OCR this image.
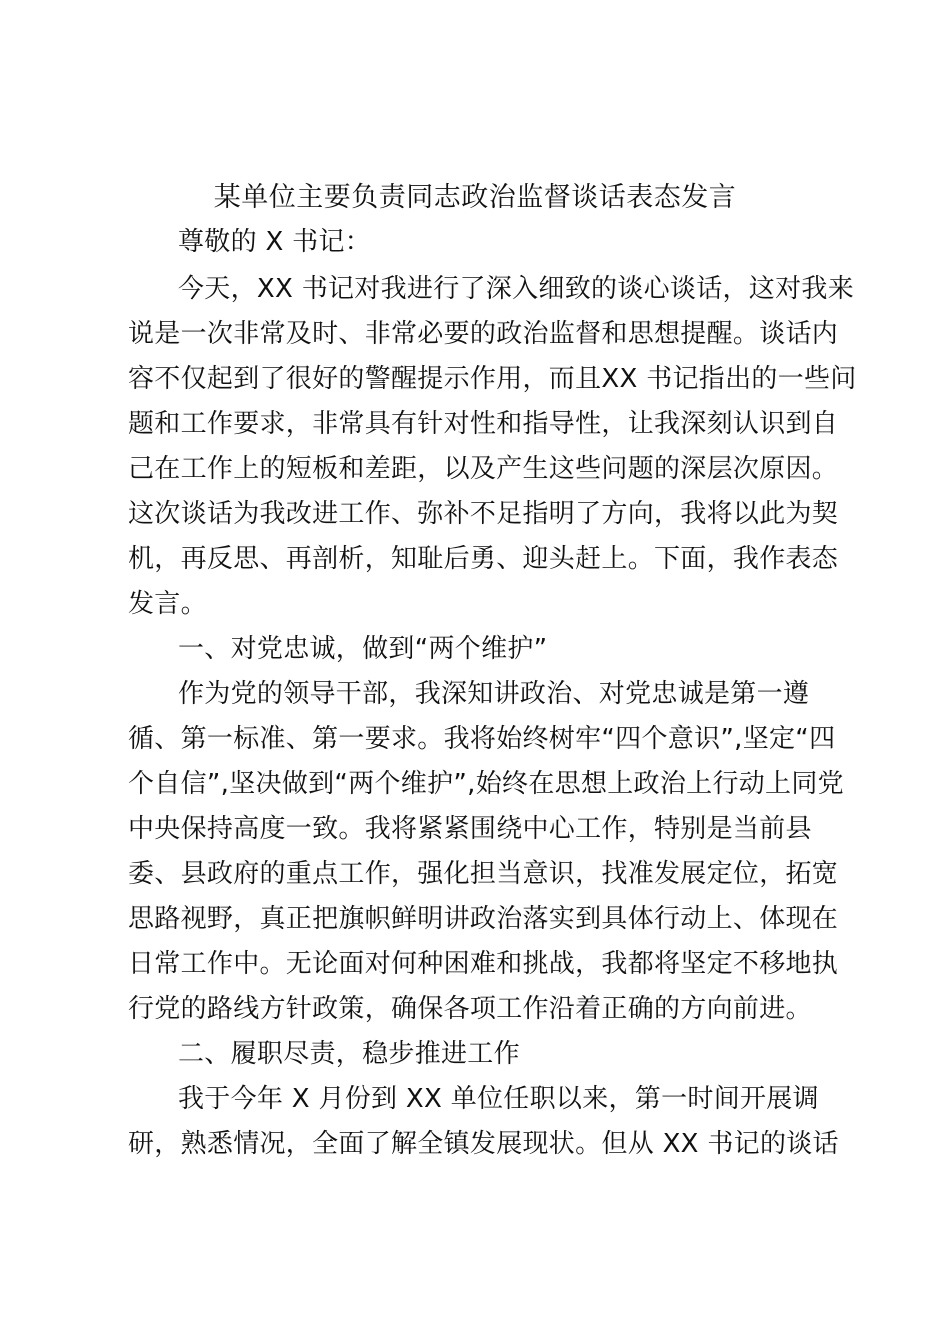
某单位主要负责同志政治监督谈话表态发言
尊敬的 X 书记：
今天，XX 书记对我进行了深入细致的谈心谈话，这对我来
说是一次非常及时、非常必要的政治监督和思想提醒。谈话内
容不仅起到了很好的警醒提示作用，而且XX 书记指出的一些问
题和工作要求，非常具有针对性和指导性，让我深刻认识到自
己在工作上的短板和差距，以及产生这些问题的深层次原因。
这次谈话为我改进工作、弥补不足指明了方向，我将以此为契
机，再反思、再剖析，知耻后勇、迎头赶上。下面，我作表态
发言。
一、对党忠诚，做到“两个维护”
作为党的领导干部，我深知讲政治、对党忠诚是第一遵
循、第一标准、第一要求。我将始终树牢“四个意识”,坚定“四
个自信”,坚决做到“两个维护”,始终在思想上政治上行动上同党
中央保持高度一致。我将紧紧围绕中心工作，特别是当前县
委、县政府的重点工作，强化担当意识，找准发展定位，拓宽
思路视野，真正把旗帜鲜明讲政治落实到具体行动上、体现在
日常工作中。无论面对何种困难和挑战，我都将坚定不移地执
行党的路线方针政策，确保各项工作沿着正确的方向前进。
二、履职尽责，稳步推进工作
我于今年 X 月份到 XX 单位任职以来，第一时间开展调
研，熟悉情况，全面了解全镇发展现状。但从 XX 书记的谈话
